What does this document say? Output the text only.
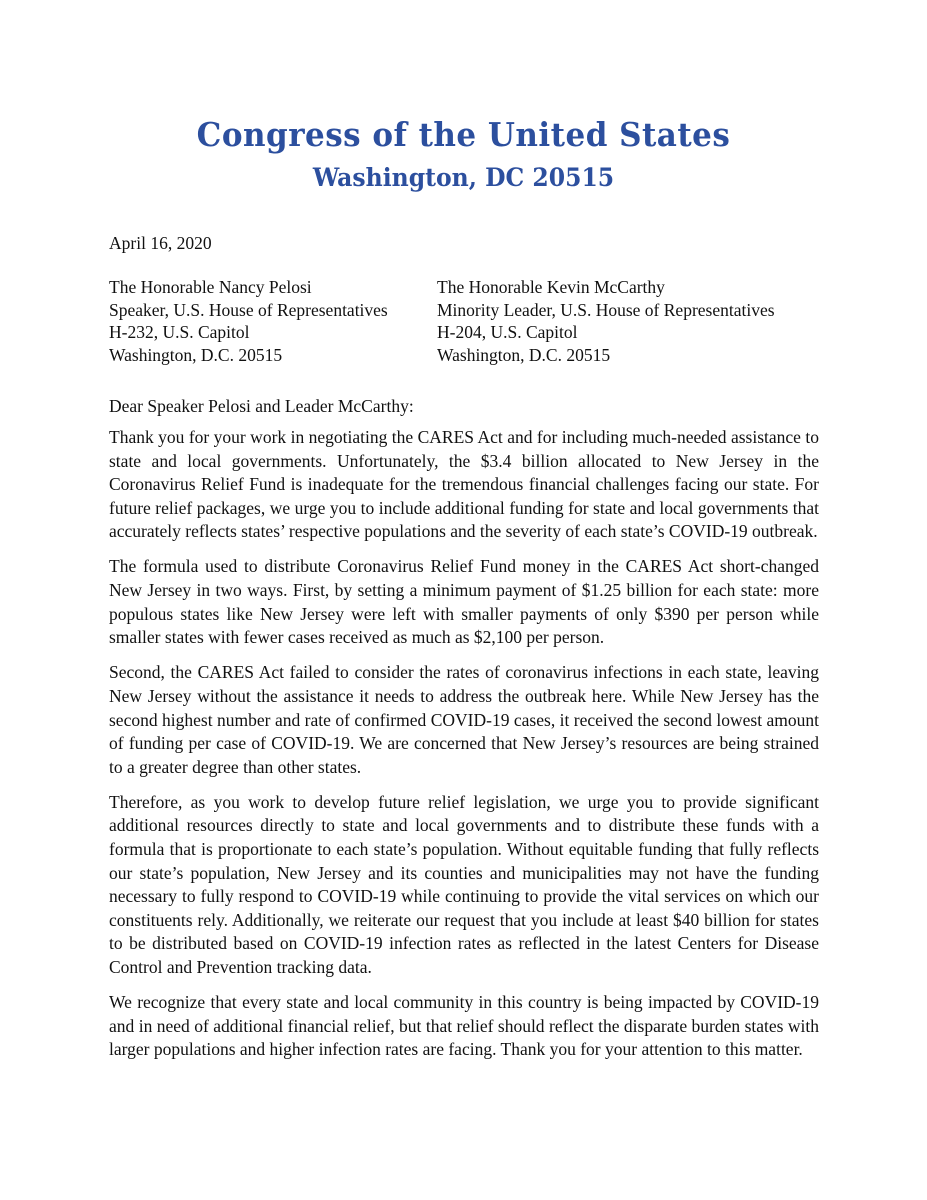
Congress of the United States
Washington, DC 20515
April 16, 2020
The Honorable Nancy Pelosi
Speaker, U.S. House of Representatives
H-232, U.S. Capitol
Washington, D.C. 20515
The Honorable Kevin McCarthy
Minority Leader, U.S. House of Representatives
H-204, U.S. Capitol
Washington, D.C. 20515
Dear Speaker Pelosi and Leader McCarthy:

Thank you for your work in negotiating the CARES Act and for including much-needed assistance to state and local governments. Unfortunately, the $3.4 billion allocated to New Jersey in the Coronavirus Relief Fund is inadequate for the tremendous financial challenges facing our state. For future relief packages, we urge you to include additional funding for state and local governments that accurately reflects states’ respective populations and the severity of each state’s COVID-19 outbreak.

The formula used to distribute Coronavirus Relief Fund money in the CARES Act short-changed New Jersey in two ways. First, by setting a minimum payment of $1.25 billion for each state: more populous states like New Jersey were left with smaller payments of only $390 per person while smaller states with fewer cases received as much as $2,100 per person.

Second, the CARES Act failed to consider the rates of coronavirus infections in each state, leaving New Jersey without the assistance it needs to address the outbreak here. While New Jersey has the second highest number and rate of confirmed COVID-19 cases, it received the second lowest amount of funding per case of COVID-19. We are concerned that New Jersey’s resources are being strained to a greater degree than other states.

Therefore, as you work to develop future relief legislation, we urge you to provide significant additional resources directly to state and local governments and to distribute these funds with a formula that is proportionate to each state’s population. Without equitable funding that fully reflects our state’s population, New Jersey and its counties and municipalities may not have the funding necessary to fully respond to COVID-19 while continuing to provide the vital services on which our constituents rely. Additionally, we reiterate our request that you include at least $40 billion for states to be distributed based on COVID-19 infection rates as reflected in the latest Centers for Disease Control and Prevention tracking data.

We recognize that every state and local community in this country is being impacted by COVID-19 and in need of additional financial relief, but that relief should reflect the disparate burden states with larger populations and higher infection rates are facing. Thank you for your attention to this matter.
